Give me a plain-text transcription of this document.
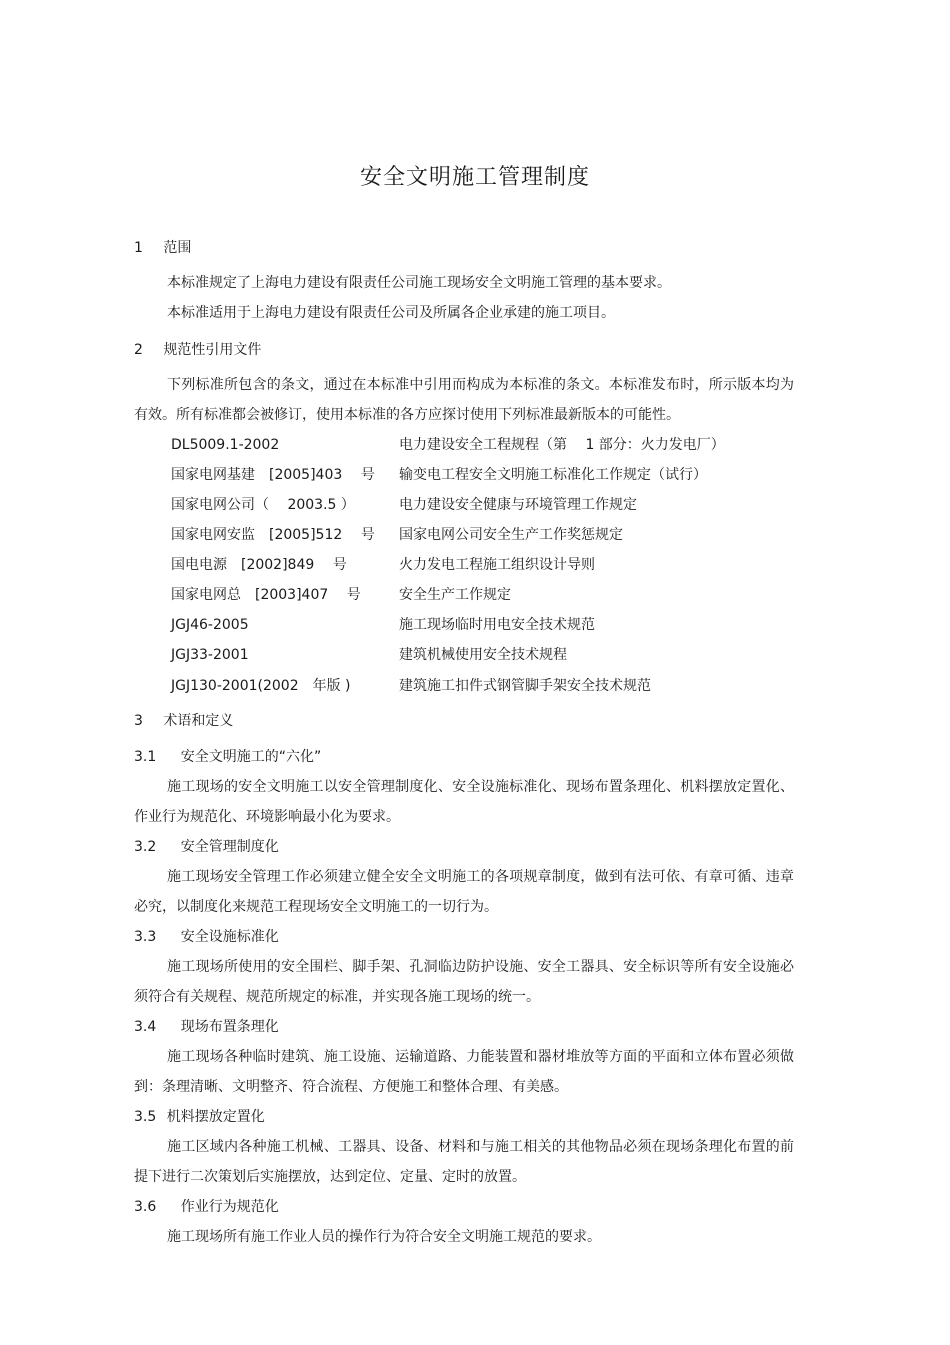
安全文明施工管理制度
1 范围
本标准规定了上海电力建设有限责任公司施工现场安全文明施工管理的基本要求。
本标准适用于上海电力建设有限责任公司及所属各企业承建的施工项目。
2 规范性引用文件
下列标准所包含的条文，通过在本标准中引用而构成为本标准的条文。本标准发布时，所示版本均为有效。所有标准都会被修订，使用本标准的各方应探讨使用下列标准最新版本的可能性。
DL5009.1-2002	电力建设安全工程规程（第　 1 部分：火力发电厂）
国家电网基建　[2005]403　 号 输变电工程安全文明施工标准化工作规定（试行）
国家电网公司（　 2003.5 ）	电力建设安全健康与环境管理工作规定
国家电网安监　[2005]512　 号 国家电网公司安全生产工作奖惩规定
国电电源　[2002]849　 号	火力发电工程施工组织设计导则
国家电网总　[2003]407　 号	安全生产工作规定
JGJ46-2005	施工现场临时用电安全技术规范
JGJ33-2001	建筑机械使用安全技术规程
JGJ130-2001(2002　年版 )	建筑施工扣件式钢管脚手架安全技术规范
3 术语和定义
3.1 安全文明施工的“六化”
施工现场的安全文明施工以安全管理制度化、安全设施标准化、现场布置条理化、机料摆放定置化、作业行为规范化、环境影响最小化为要求。
3.2 安全管理制度化
施工现场安全管理工作必须建立健全安全文明施工的各项规章制度，做到有法可依、有章可循、违章必究，以制度化来规范工程现场安全文明施工的一切行为。
3.3 安全设施标准化
施工现场所使用的安全围栏、脚手架、孔洞临边防护设施、安全工器具、安全标识等所有安全设施必须符合有关规程、规范所规定的标准，并实现各施工现场的统一。
3.4 现场布置条理化
施工现场各种临时建筑、施工设施、运输道路、力能装置和器材堆放等方面的平面和立体布置必须做到：条理清晰、文明整齐、符合流程、方便施工和整体合理、有美感。
3.5 机料摆放定置化
施工区域内各种施工机械、工器具、设备、材料和与施工相关的其他物品必须在现场条理化布置的前提下进行二次策划后实施摆放，达到定位、定量、定时的放置。
3.6 作业行为规范化
施工现场所有施工作业人员的操作行为符合安全文明施工规范的要求。
